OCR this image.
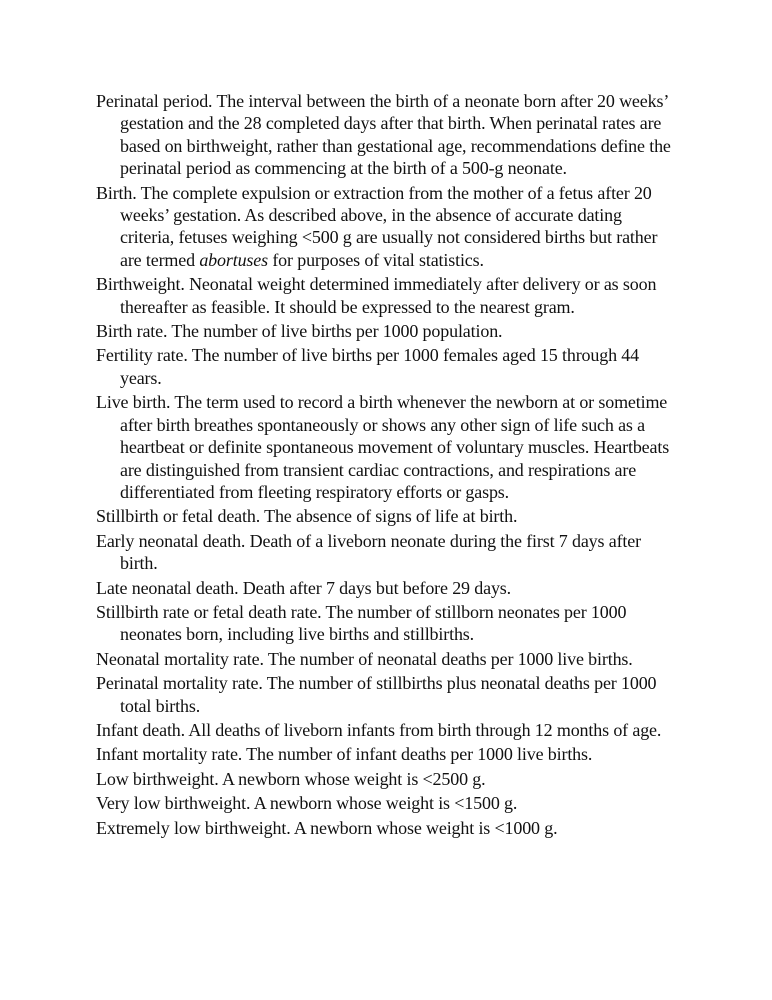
Perinatal period. The interval between the birth of a neonate born after 20 weeks’ gestation and the 28 completed days after that birth. When perinatal rates are based on birthweight, rather than gestational age, recommendations define the perinatal period as commencing at the birth of a 500-g neonate.

Birth. The complete expulsion or extraction from the mother of a fetus after 20 weeks’ gestation. As described above, in the absence of accurate dating criteria, fetuses weighing <500 g are usually not considered births but rather are termed abortuses for purposes of vital statistics.

Birthweight. Neonatal weight determined immediately after delivery or as soon thereafter as feasible. It should be expressed to the nearest gram.

Birth rate. The number of live births per 1000 population.

Fertility rate. The number of live births per 1000 females aged 15 through 44 years.

Live birth. The term used to record a birth whenever the newborn at or sometime after birth breathes spontaneously or shows any other sign of life such as a heartbeat or definite spontaneous movement of voluntary muscles. Heartbeats are distinguished from transient cardiac contractions, and respirations are differentiated from fleeting respiratory efforts or gasps.

Stillbirth or fetal death. The absence of signs of life at birth.

Early neonatal death. Death of a liveborn neonate during the first 7 days after birth.

Late neonatal death. Death after 7 days but before 29 days.

Stillbirth rate or fetal death rate. The number of stillborn neonates per 1000 neonates born, including live births and stillbirths.

Neonatal mortality rate. The number of neonatal deaths per 1000 live births.

Perinatal mortality rate. The number of stillbirths plus neonatal deaths per 1000 total births.

Infant death. All deaths of liveborn infants from birth through 12 months of age.

Infant mortality rate. The number of infant deaths per 1000 live births.

Low birthweight. A newborn whose weight is <2500 g.

Very low birthweight. A newborn whose weight is <1500 g.

Extremely low birthweight. A newborn whose weight is <1000 g.
